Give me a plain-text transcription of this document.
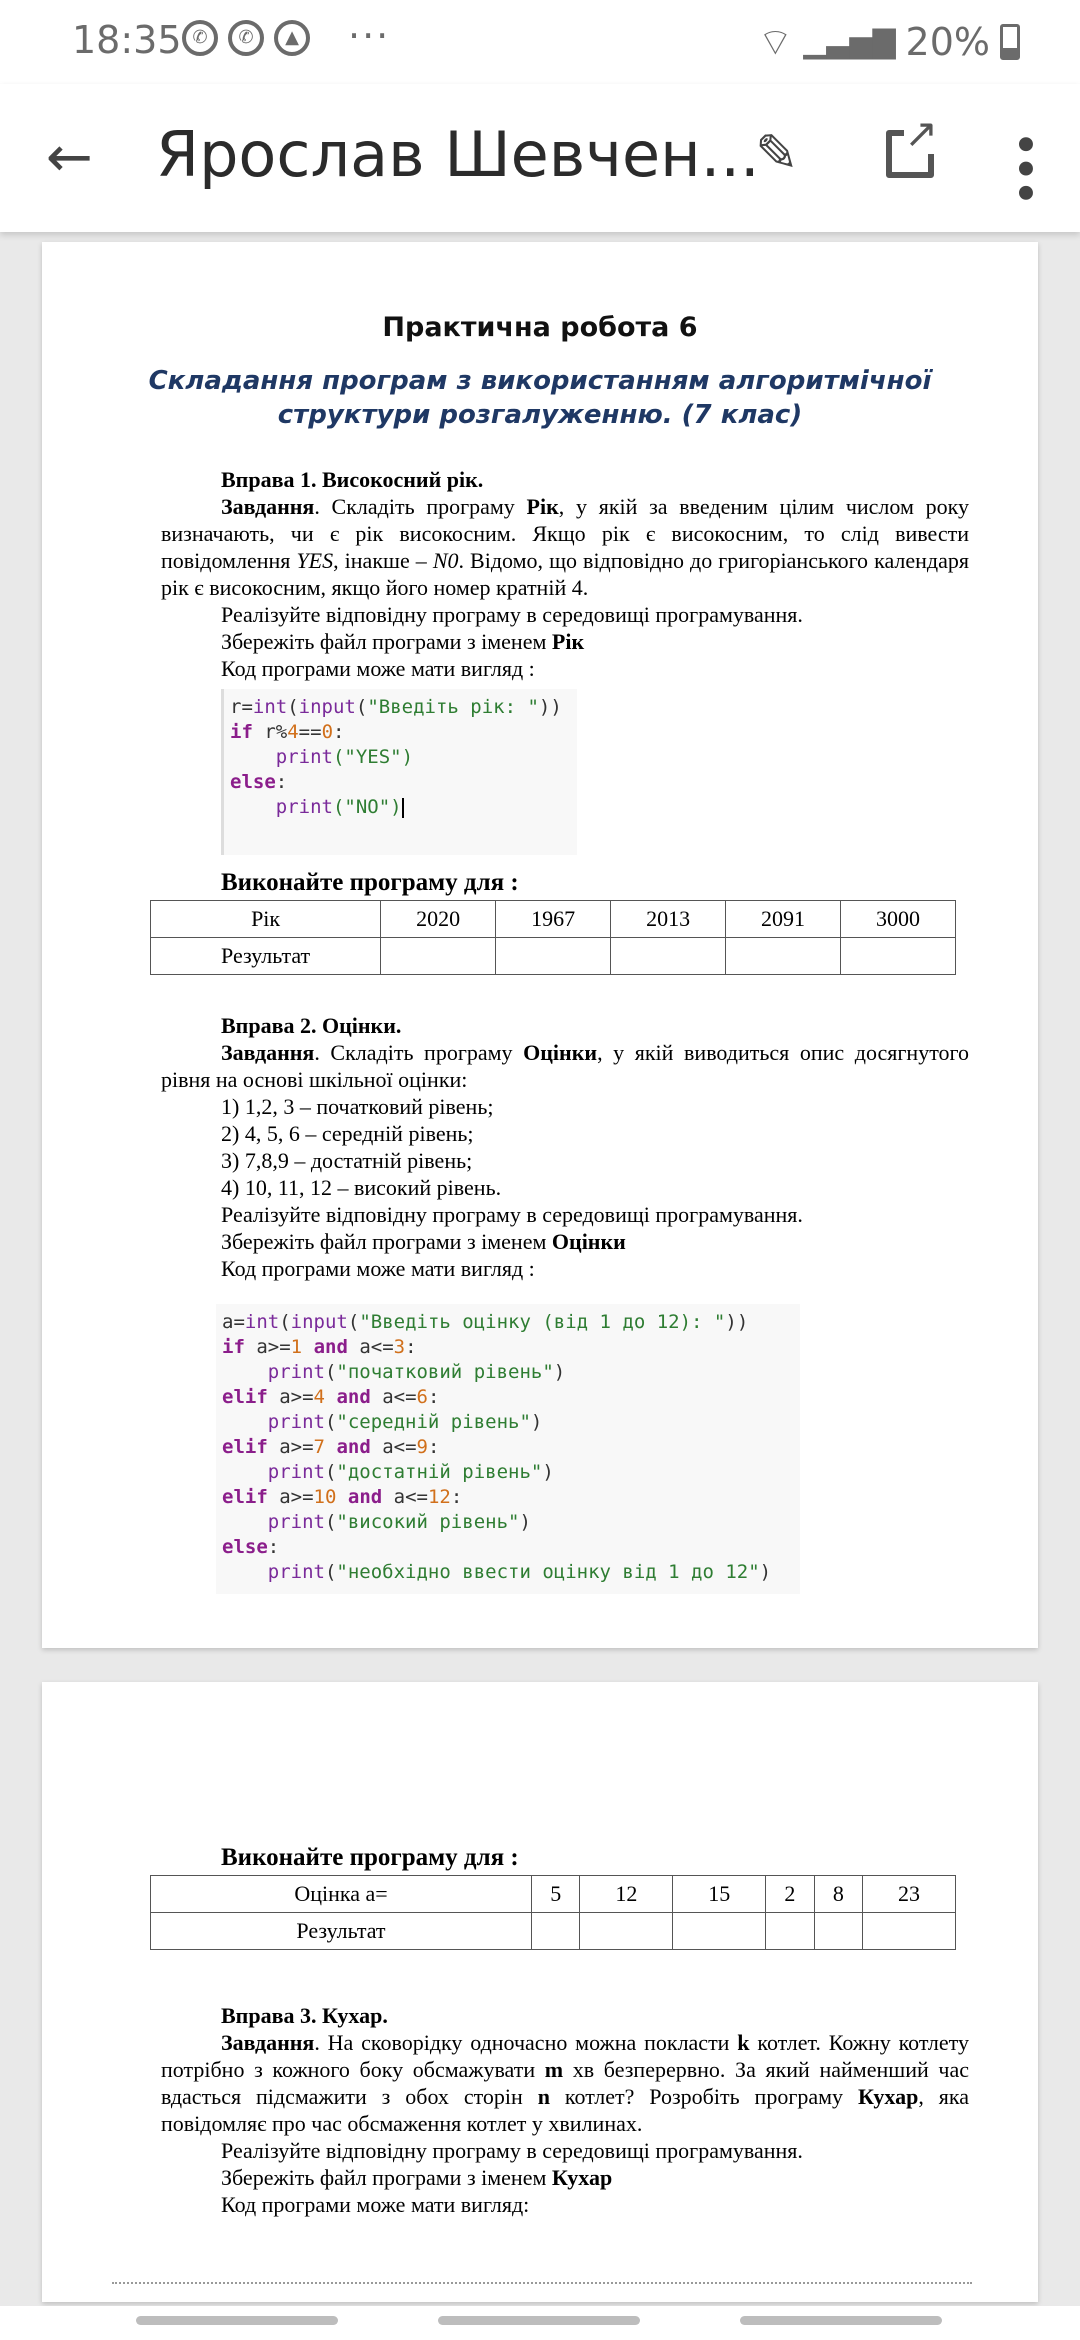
18:35 ✆	✆	▲ ···	⌔ ▁▃▅▇ 20%
← Ярослав Шевчен...
✎ ↗	•••
Практична робота 6
Складання програм з використанням алгоритмічної
структури розгалуженню. (7 клас)
Вправа 1. Високосний рік.
Завдання. Складіть програму Рік, у якій за введеним цілим числом року визначають, чи є рік високосним. Якщо рік є високосним, то слід вивести повідомлення YES, інакше – N0. Відомо, що відповідно до григоріанського календаря рік є високосним, якщо його номер кратній 4.
Реалізуйте відповідну програму в середовищі програмування.
Збережіть файл програми з іменем Рік
Код програми може мати вигляд :
r=int(input("Введіть рік: "))
if r%4==0:
print("YES")
else:
print("NO")
Виконайте програму для :
Рік	2020	1967	2013	2091	3000
Результат					
Вправа 2. Оцінки.
Завдання. Складіть програму Оцінки, у якій виводиться опис досягнутого рівня на основі шкільної оцінки:
1) 1,2, 3 – початковий рівень;
2) 4, 5, 6 – середній рівень;
3) 7,8,9 – достатній рівень;
4) 10, 11, 12 – високий рівень.
Реалізуйте відповідну програму в середовищі програмування.
Збережіть файл програми з іменем Оцінки
Код програми може мати вигляд :
a=int(input("Введіть оцінку (від 1 до 12): "))
if a>=1 and a<=3:
print("початковий рівень")
elif a>=4 and a<=6:
print("середній рівень")
elif a>=7 and a<=9:
print("достатній рівень")
elif a>=10 and a<=12:
print("високий рівень")
else:
print("необхідно ввести оцінку від 1 до 12")
Виконайте програму для :
Оцінка а=	5	12	15	2	8	23
Результат						
Вправа 3. Кухар.
Завдання. На сковорідку одночасно можна покласти k котлет. Кожну котлету потрібно з кожного боку обсмажувати m хв безперервно. За який найменший час вдасться підсмажити з обох сторін n котлет? Розробіть програму Кухар, яка повідомляє про час обсмаження котлет у хвилинах.
Реалізуйте відповідну програму в середовищі програмування.
Збережіть файл програми з іменем Кухар
Код програми може мати вигляд:
